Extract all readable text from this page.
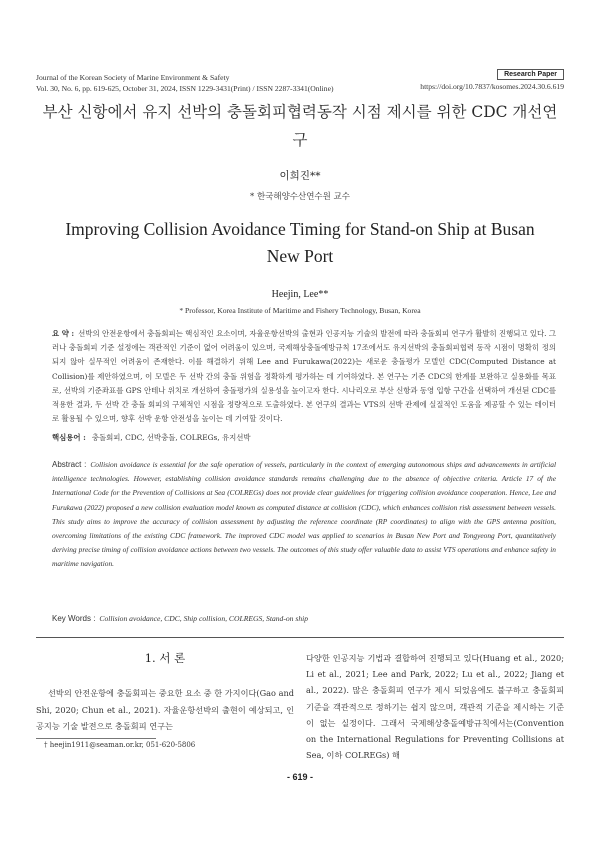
Journal of the Korean Society of Marine Environment & Safety
Vol. 30, No. 6, pp. 619-625, October 31, 2024, ISSN 1229-3431(Print) / ISSN 2287-3341(Online)
Research Paper
https://doi.org/10.7837/kosomes.2024.30.6.619
부산 신항에서 유지 선박의 충돌회피협력동작 시점 제시를 위한 CDC 개선연구
이희진**
* 한국해양수산연수원 교수
Improving Collision Avoidance Timing for Stand-on Ship at Busan New Port
Heejin, Lee**
* Professor, Korea Institute of Maritime and Fishery Technology, Busan, Korea
요 약 : 선박의 안전운항에서 충돌회피는 핵심적인 요소이며, 자율운항선박의 출현과 인공지능 기술의 발전에 따라 충돌회피 연구가 활발히 진행되고 있다. 그러나 충돌회피 기준 설정에는 객관적인 기준이 없어 어려움이 있으며, 국제해상충돌예방규칙 17조에서도 유지선박의 충돌회피협력 동작 시점이 명확히 정의되지 않아 실무적인 어려움이 존재한다. 이를 해결하기 위해 Lee and Furukawa(2022)는 새로운 충돌평가 모델인 CDC(Computed Distance at Collision)를 제안하였으며, 이 모델은 두 선박 간의 충돌 위험을 정확하게 평가하는 데 기여하였다. 본 연구는 기존 CDC의 한계를 보완하고 실용화를 목표로, 선박의 기준좌표를 GPS 안테나 위치로 개선하여 충돌평가의 실용성을 높이고자 한다. 시나리오로 부산 신항과 동영 입항 구간을 선택하여 개선된 CDC를 적용한 결과, 두 선박 간 충돌 회피의 구체적인 시점을 정량적으로 도출하였다. 본 연구의 결과는 VTS의 선박 관제에 실질적인 도움을 제공할 수 있는 데이터로 활용될 수 있으며, 향후 선박 운항 안전성을 높이는 데 기여할 것이다.
핵심용어 : 충돌회피, CDC, 선박충돌, COLREGs, 유지선박
Abstract : Collision avoidance is essential for the safe operation of vessels, particularly in the context of emerging autonomous ships and advancements in artificial intelligence technologies. However, establishing collision avoidance standards remains challenging due to the absence of objective criteria. Article 17 of the International Code for the Prevention of Collisions at Sea (COLREGs) does not provide clear guidelines for triggering collision avoidance cooperation. Hence, Lee and Furukawa (2022) proposed a new collision evaluation model known as computed distance at collision (CDC), which enhances collision risk assessment between vessels. This study aims to improve the accuracy of collision assessment by adjusting the reference coordinate (RP coordinates) to align with the GPS antenna position, overcoming limitations of the existing CDC framework. The improved CDC model was applied to scenarios in Busan New Port and Tongyeong Port, quantitatively deriving precise timing of collision avoidance actions between two vessels. The outcomes of this study offer valuable data to assist VTS operations and enhance safety in maritime navigation.
Key Words : Collision avoidance, CDC, Ship collision, COLREGS, Stand-on ship
1. 서 론
선박의 안전운항에 충돌회피는 중요한 요소 중 한 가지이다(Gao and Shi, 2020; Chun et al., 2021). 자율운항선박의 출현이 예상되고, 인공지능 기술 발전으로 충돌회피 연구는
다양한 인공지능 기법과 결합하여 진행되고 있다(Huang et al., 2020; Li et al., 2021; Lee and Park, 2022; Lu et al., 2022; Jiang et al., 2022). 많은 충돌회피 연구가 제시 되었음에도 불구하고 충돌회피 기준을 객관적으로 정하기는 쉽지 않으며, 객관적 기준을 제시하는 기준이 없는 실정이다. 그래서 국제해상충돌예방규칙에서는(Convention on the International Regulations for Preventing Collisions at Sea, 이하 COLREGs) 해
† heejin1911@seaman.or.kr, 051-620-5806
- 619 -
